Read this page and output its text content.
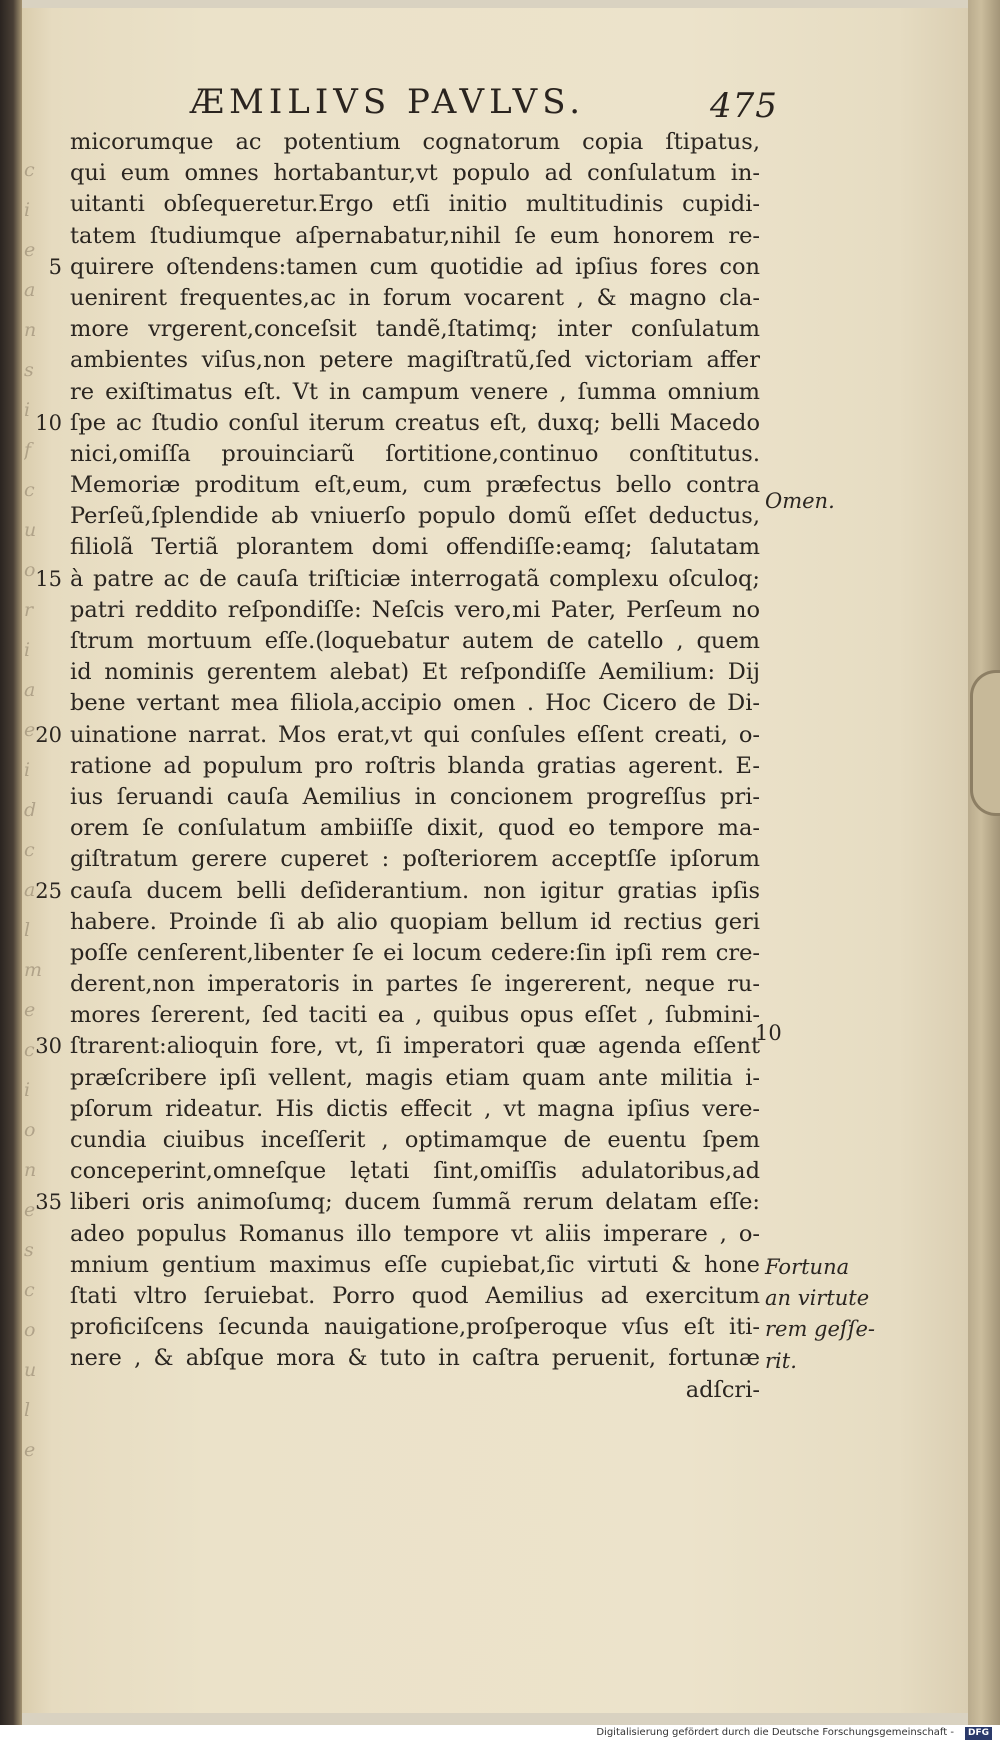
c
i
e
a
n
s
i
f
c
u
o
r
i
a
e
i
d
c
a
l
m
e
c
i
o
n
e
s
c
o
u
l
e
ÆMILIVS PAVLVS.	475
micorumque ac potentium cognatorum copia ſtipatus,
qui eum omnes hortabantur,vt populo ad conſulatum in-
uitanti obſequeretur.Ergo etſi initio multitudinis cupidi-
tatem ſtudiumque aſpernabatur,nihil ſe eum honorem re-
5 quirere oſtendens:tamen cum quotidie ad ipſius fores con
uenirent frequentes,ac in forum vocarent , & magno cla-
more vrgerent,conceſsit tandẽ,ſtatimq; inter conſulatum
ambientes viſus,non petere magiſtratũ,ſed victoriam affer
re exiſtimatus eſt. Vt in campum venere , ſumma omnium
10 ſpe ac ſtudio conſul iterum creatus eſt, duxq; belli Macedo
nici,omiſſa prouinciarũ ſortitione,continuo conſtitutus.
Memoriæ proditum eſt,eum, cum præfectus bello contra
Perſeũ,ſplendide ab vniuerſo populo domũ eſſet deductus,
filiolã Tertiã plorantem domi offendiſſe:eamq; ſalutatam
15 à patre ac de cauſa triſticiæ interrogatã complexu oſculoq;
patri reddito reſpondiſſe: Neſcis vero,mi Pater, Perſeum no
ſtrum mortuum eſſe.(loquebatur autem de catello , quem
id nominis gerentem alebat) Et reſpondiſſe Aemilium: Dij
bene vertant mea filiola,accipio omen . Hoc Cicero de Di-
20 uinatione narrat. Mos erat,vt qui conſules eſſent creati, o-
ratione ad populum pro roſtris blanda gratias agerent. E-
ius ſeruandi cauſa Aemilius in concionem progreſſus pri-
orem ſe conſulatum ambiiſſe dixit, quod eo tempore ma-
giſtratum gerere cuperet : poſteriorem acceptſſe ipſorum
25 cauſa ducem belli deſiderantium. non igitur gratias ipſis
habere. Proinde ſi ab alio quopiam bellum id rectius geri
poſſe cenſerent,libenter ſe ei locum cedere:ſin ipſi rem cre-
derent,non imperatoris in partes ſe ingererent, neque ru-
mores ſererent, ſed taciti ea , quibus opus eſſet , ſubmini-
30 ſtrarent:alioquin fore, vt, ſi imperatori quæ agenda eſſent
præſcribere ipſi vellent, magis etiam quam ante militia i-
pſorum rideatur. His dictis effecit , vt magna ipſius vere-
cundia ciuibus inceſſerit , optimamque de euentu ſpem
conceperint,omneſque lętati ſint,omiſſis adulatoribus,ad
35 liberi oris animoſumq; ducem ſummã rerum delatam eſſe:
adeo populus Romanus illo tempore vt aliis imperare , o-
mnium gentium maximus eſſe cupiebat,ſic virtuti & hone
ſtati vltro ſeruiebat. Porro quod Aemilius ad exercitum
proficiſcens ſecunda nauigatione,proſperoque vſus eſt iti-
nere , & abſque mora & tuto in caſtra peruenit, fortunæ
adſcri-
10
Omen.
Fortuna
an virtute
rem geſſe-
rit.
Digitalisierung gefördert durch die Deutsche Forschungsgemeinschaft - DFG
